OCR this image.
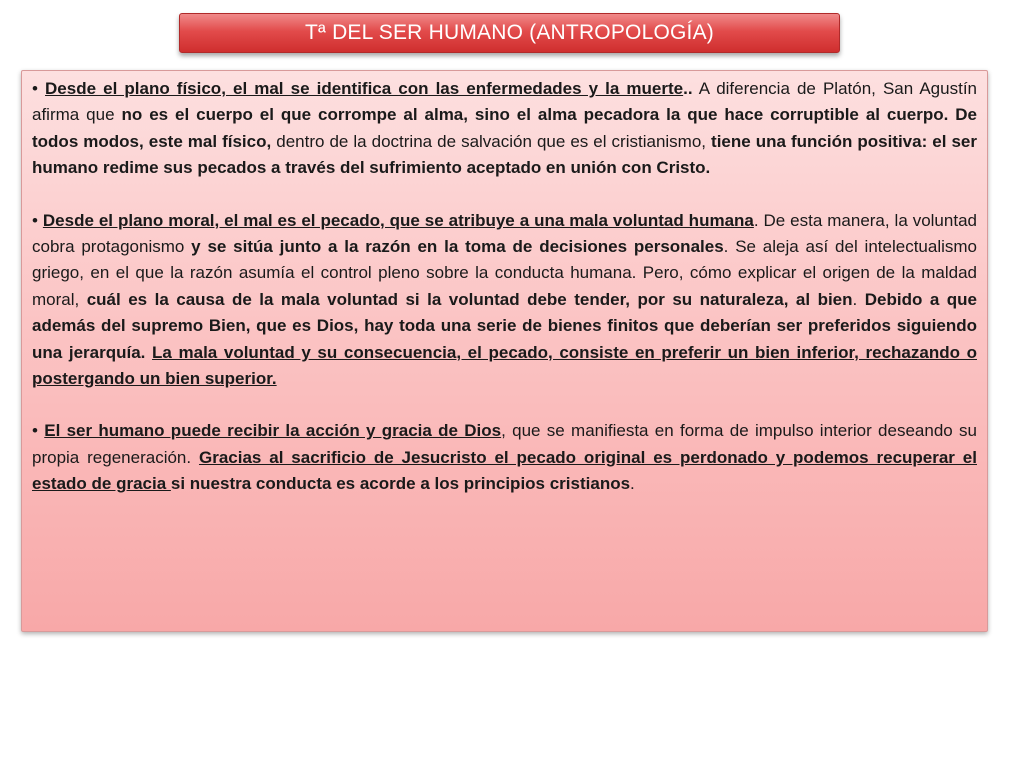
Tª DEL SER HUMANO (ANTROPOLOGÍA)

• Desde el plano físico, el mal se identifica con las enfermedades y la muerte.. A diferencia de Platón, San Agustín afirma que no es el cuerpo el que corrompe al alma, sino el alma pecadora la que hace corruptible al cuerpo. De todos modos, este mal físico, dentro de la doctrina de salvación que es el cristianismo, tiene una función positiva: el ser humano redime sus pecados a través del sufrimiento aceptado en unión con Cristo.

• Desde el plano moral, el mal es el pecado, que se atribuye a una mala voluntad humana. De esta manera, la voluntad cobra protagonismo y se sitúa junto a la razón en la toma de decisiones personales. Se aleja así del intelectualismo griego, en el que la razón asumía el control pleno sobre la conducta humana. Pero, cómo explicar el origen de la maldad moral, cuál es la causa de la mala voluntad si la voluntad debe tender, por su naturaleza, al bien. Debido a que además del supremo Bien, que es Dios, hay toda una serie de bienes finitos que deberían ser preferidos siguiendo una jerarquía. La mala voluntad y su consecuencia, el pecado, consiste en preferir un bien inferior, rechazando o postergando un bien superior.

• El ser humano puede recibir la acción y gracia de Dios, que se manifiesta en forma de impulso interior deseando su propia regeneración. Gracias al sacrificio de Jesucristo el pecado original es perdonado y podemos recuperar el estado de gracia si nuestra conducta es acorde a los principios cristianos.
